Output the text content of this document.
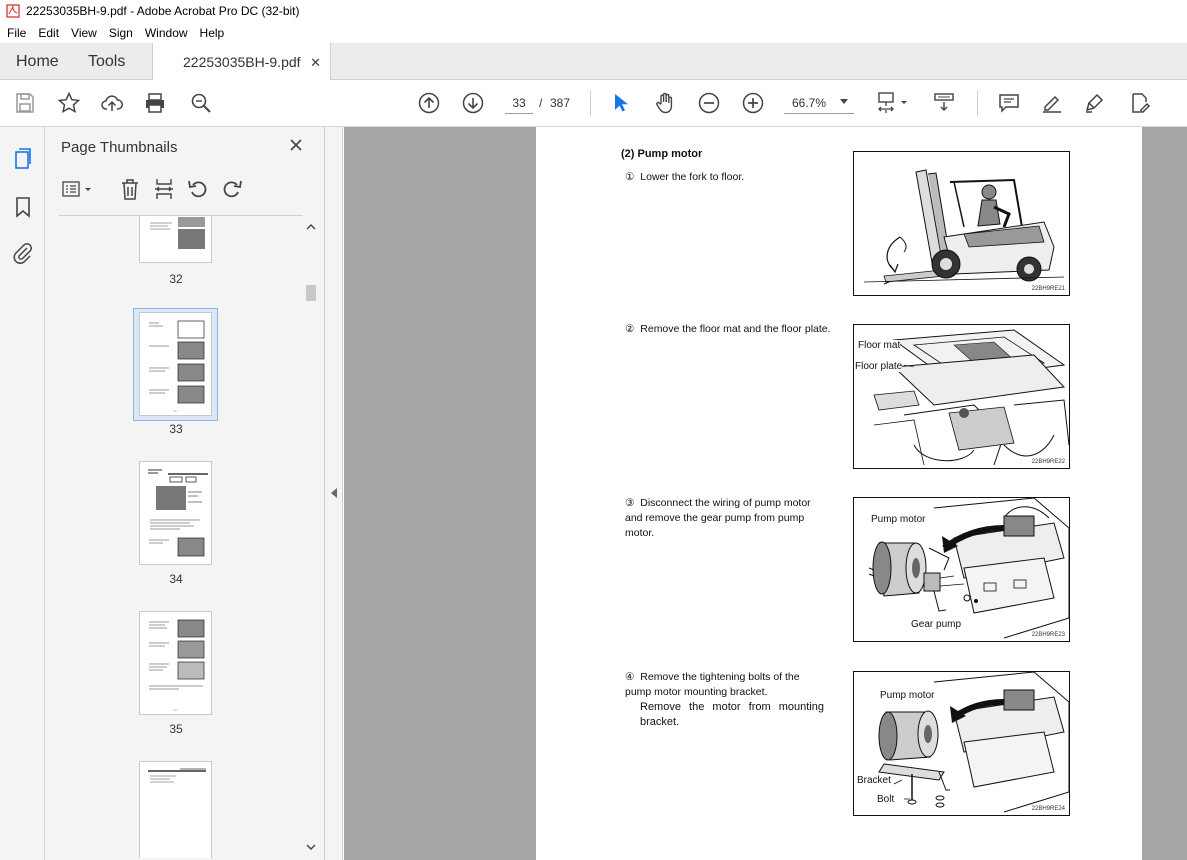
22253035BH-9.pdf - Adobe Acrobat Pro DC (32-bit)
File	Edit	View	Sign	Window	Help
Home Tools	22253035BH-9.pdf ✕
33
/ 387	66.7%
Page Thumbnails
32
33
34
35
(2) Pump motor
① Lower the fork to floor.
22BH9RE21
② Remove the floor mat and the floor plate.
Floor mat
Floor plate
22BH9RE22
③ Disconnect the wiring of pump motor and remove the gear pump from pump motor.
Pump motor
Gear pump
22BH9RE23
④ Remove the tightening bolts of the pump motor mounting bracket.
Remove the motor from mounting bracket.
Pump motor
Bracket
Bolt
22BH9RE24
